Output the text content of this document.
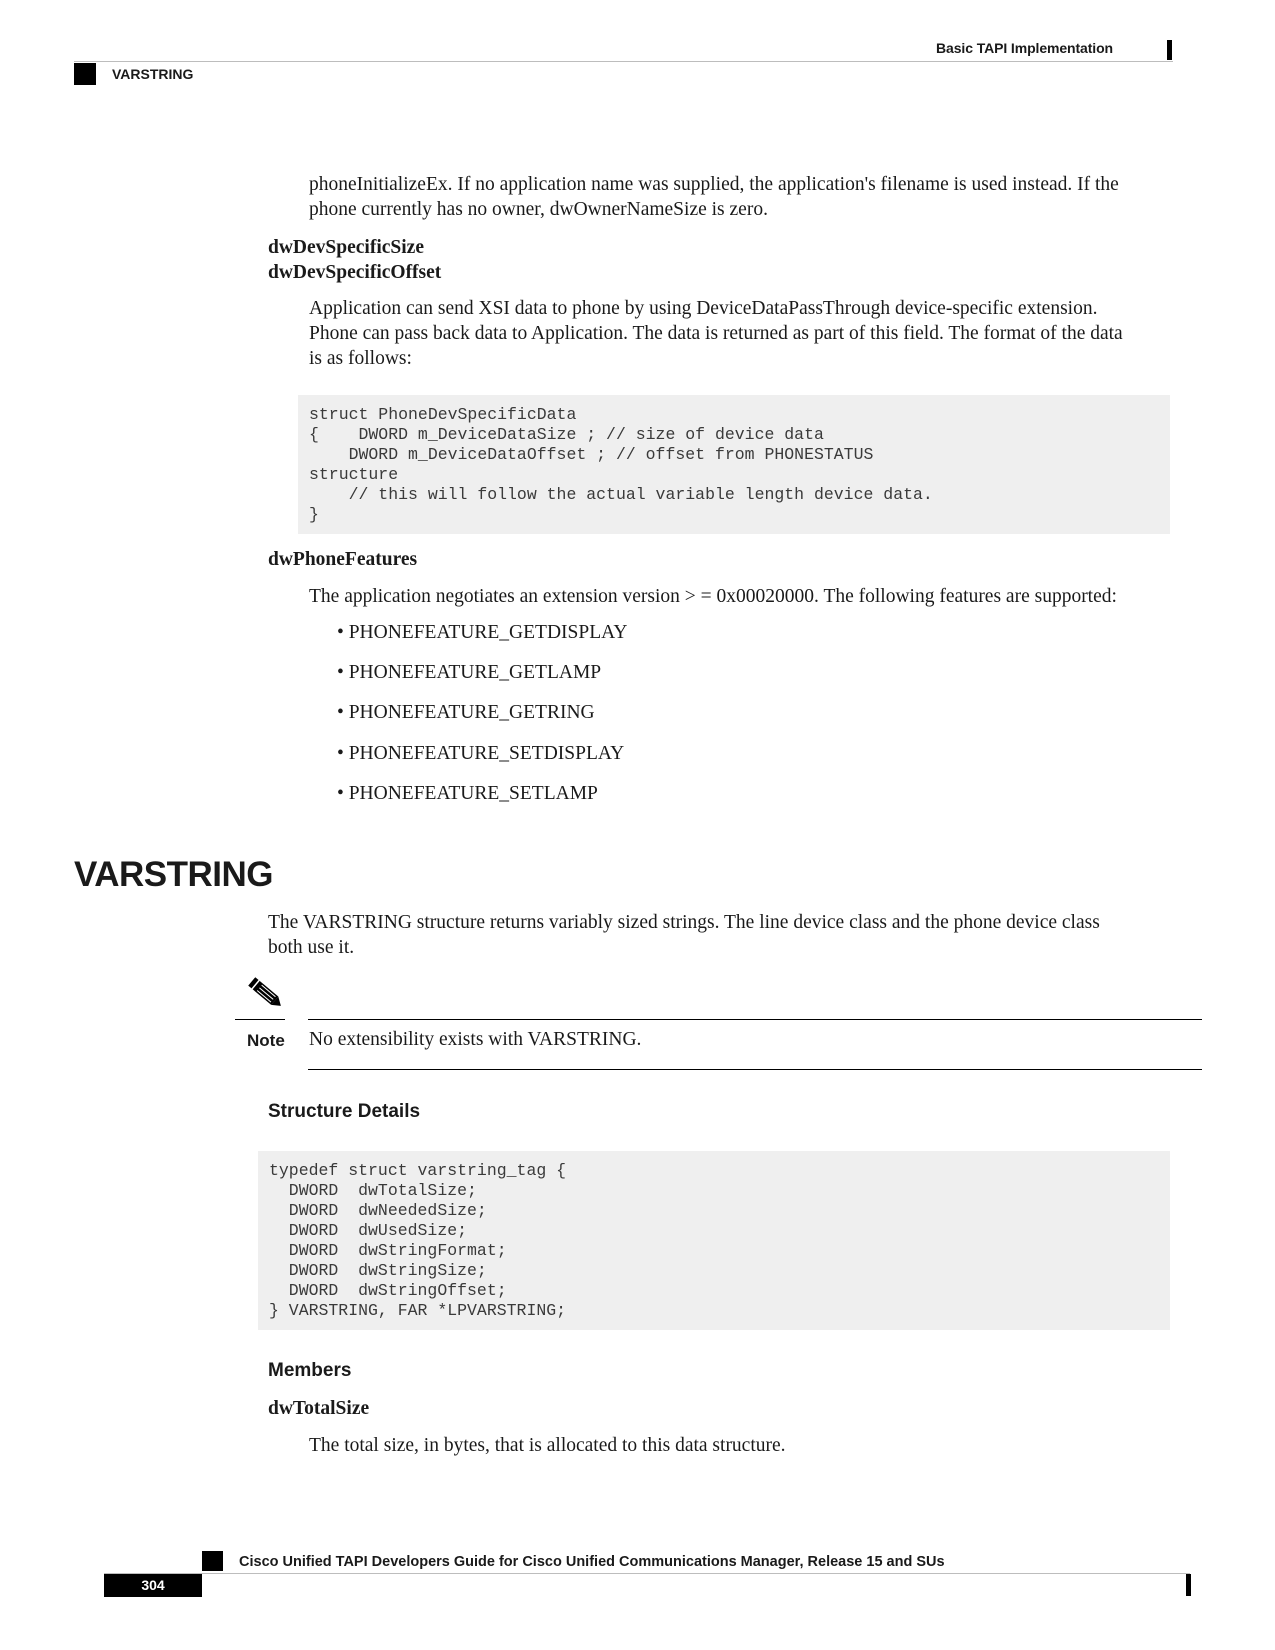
Basic TAPI Implementation
VARSTRING
phoneInitializeEx. If no application name was supplied, the application's filename is used instead. If the
phone currently has no owner, dwOwnerNameSize is zero.
dwDevSpecificSize
dwDevSpecificOffset
Application can send XSI data to phone by using DeviceDataPassThrough device-specific extension.
Phone can pass back data to Application. The data is returned as part of this field. The format of the data
is as follows:
struct PhoneDevSpecificData
{    DWORD m_DeviceDataSize ; // size of device data
DWORD m_DeviceDataOffset ; // offset from PHONESTATUS
structure
// this will follow the actual variable length device data.
}
dwPhoneFeatures
The application negotiates an extension version > = 0x00020000. The following features are supported:
• PHONEFEATURE_GETDISPLAY
• PHONEFEATURE_GETLAMP
• PHONEFEATURE_GETRING
• PHONEFEATURE_SETDISPLAY
• PHONEFEATURE_SETLAMP
VARSTRING
The VARSTRING structure returns variably sized strings. The line device class and the phone device class
both use it.
Note No extensibility exists with VARSTRING.
Structure Details
typedef struct varstring_tag {
DWORD  dwTotalSize;
DWORD  dwNeededSize;
DWORD  dwUsedSize;
DWORD  dwStringFormat;
DWORD  dwStringSize;
DWORD  dwStringOffset;
} VARSTRING, FAR *LPVARSTRING;
Members
dwTotalSize
The total size, in bytes, that is allocated to this data structure.
Cisco Unified TAPI Developers Guide for Cisco Unified Communications Manager, Release 15 and SUs
304
